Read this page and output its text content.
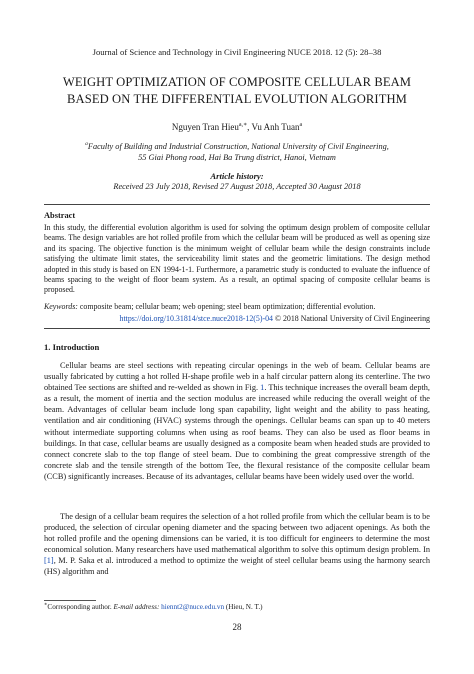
Journal of Science and Technology in Civil Engineering NUCE 2018. 12 (5): 28–38
WEIGHT OPTIMIZATION OF COMPOSITE CELLULAR BEAM
BASED ON THE DIFFERENTIAL EVOLUTION ALGORITHM
Nguyen Tran Hieu$^{a,∗}$, Vu Anh Tuan$^a$
$^a$Faculty of Building and Industrial Construction, National University of Civil Engineering,
55 Giai Phong road, Hai Ba Trung district, Hanoi, Vietnam
Article history:
Received 23 July 2018, Revised 27 August 2018, Accepted 30 August 2018
Abstract

In this study, the differential evolution algorithm is used for solving the optimum design problem of composite cellular beams. The design variables are hot rolled profile from which the cellular beam will be produced as well as opening size and its spacing. The objective function is the minimum weight of cellular beam while the design constraints include satisfying the ultimate limit states, the serviceability limit states and the geometric limitations. The design method adopted in this study is based on EN 1994-1-1. Furthermore, a parametric study is conducted to evaluate the influence of beams spacing to the weight of floor beam system. As a result, an optimal spacing of composite cellular beams is proposed.

Keywords: composite beam; cellular beam; web opening; steel beam optimization; differential evolution.
https://doi.org/10.31814/stce.nuce2018-12(5)-04 © 2018 National University of Civil Engineering
1. Introduction
Cellular beams are steel sections with repeating circular openings in the web of beam. Cellular beams are usually fabricated by cutting a hot rolled H-shape profile web in a half circular pattern along its centerline. The two obtained Tee sections are shifted and re-welded as shown in Fig. 1. This technique increases the overall beam depth, as a result, the moment of inertia and the section modulus are increased while reducing the overall weight of the beam. Advantages of cellular beam include long span capability, light weight and the ability to pass heating, ventilation and air conditioning (HVAC) systems through the openings. Cellular beams can span up to 40 meters without intermediate supporting columns when using as roof beams. They can also be used as floor beams in buildings. In that case, cellular beams are usually designed as a composite beam when headed studs are provided to connect concrete slab to the top flange of steel beam. Due to combining the great compressive strength of the concrete slab and the tensile strength of the bottom Tee, the flexural resistance of the composite cellular beam (CCB) significantly increases. Because of its advantages, cellular beams have been widely used over the world.
The design of a cellular beam requires the selection of a hot rolled profile from which the cellular beam is to be produced, the selection of circular opening diameter and the spacing between two adjacent openings. As both the hot rolled profile and the opening dimensions can be varied, it is too difficult for engineers to determine the most economical solution. Many researchers have used mathematical algorithm to solve this optimum design problem. In [1], M. P. Saka et al. introduced a method to optimize the weight of steel cellular beams using the harmony search (HS) algorithm and
∗Corresponding author. E-mail address: hiennt2@nuce.edu.vn (Hieu, N. T.)
28
